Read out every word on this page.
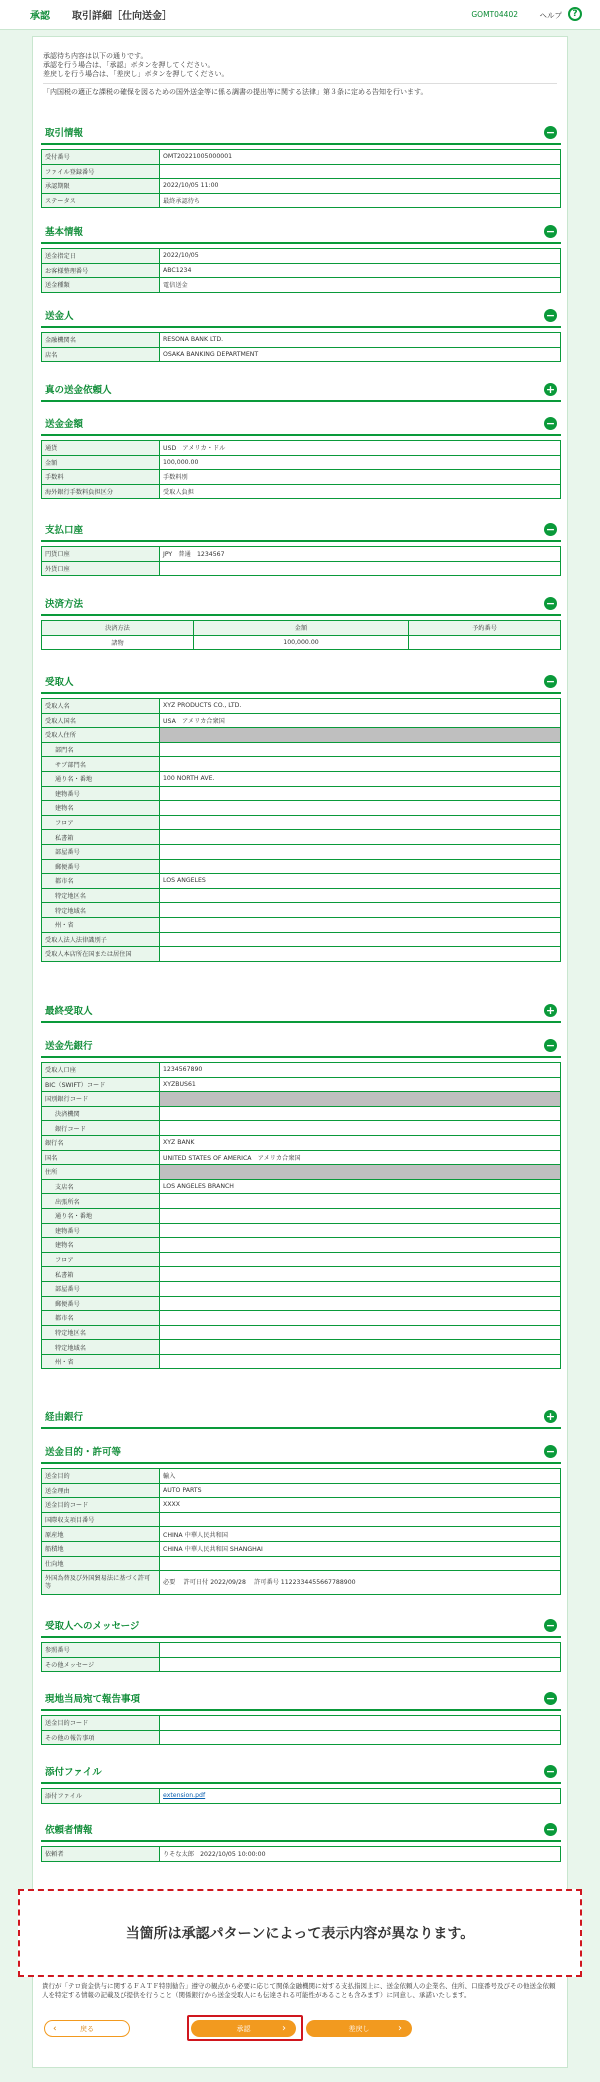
承認 取引詳細［仕向送金］	GOMT04402	ヘルプ	?

承認待ち内容は以下の通りです。

承認を行う場合は、「承認」ボタンを押してください。

差戻しを行う場合は、「差戻し」ボタンを押してください。

「内国税の適正な課税の確保を図るための国外送金等に係る調書の提出等に関する法律」第３条に定める告知を行います。

取引情報	−
受付番号	OMT20221005000001
ファイル登録番号	
承認期限	2022/10/05 11:00
ステータス	最終承認待ち
基本情報	−
送金指定日	2022/10/05
お客様整理番号	ABC1234
送金種類	電信送金
送金人	−
金融機関名	RESONA BANK LTD.
店名	OSAKA BANKING DEPARTMENT
真の送金依頼人	+
送金金額	−
通貨	USD　アメリカ・ドル
金額	100,000.00
手数料	手数料別
海外銀行手数料負担区分	受取人負担
支払口座	−
円貨口座	JPY　普通　1234567
外貨口座	
決済方法	−
決済方法	金額	予約番号
諸物	100,000.00	
受取人	−
受取人名	XYZ PRODUCTS CO., LTD.
受取人国名	USA　アメリカ合衆国
受取人住所	
部門名	
サブ部門名	
通り名・番地	100 NORTH AVE.
建物番号	
建物名	
フロア	
私書箱	
部屋番号	
郵便番号	
都市名	LOS ANGELES
特定地区名	
特定地域名	
州・省	
受取人法人法律識別子	
受取人本店所在国または居住国	
最終受取人	+
送金先銀行	−
受取人口座	1234567890
BIC（SWIFT）コード	XYZBUS61
国別銀行コード	
決済機関	
銀行コード	
銀行名	XYZ BANK
国名	UNITED STATES OF AMERICA　アメリカ合衆国
住所	
支店名	LOS ANGELES BRANCH
出張所名	
通り名・番地	
建物番号	
建物名	
フロア	
私書箱	
部屋番号	
郵便番号	
都市名	
特定地区名	
特定地域名	
州・省	
経由銀行	+
送金目的・許可等	−
送金目的	輸入
送金理由	AUTO PARTS
送金目的コード	XXXX
国際収支項目番号	
原産地	CHINA 中華人民共和国
船積地	CHINA 中華人民共和国 SHANGHAI
仕向地	
外国為替及び外国貿易法に基づく許可等	必要　 許可日付 2022/09/28 　許可番号 1122334455667788900
受取人へのメッセージ	−
参照番号	
その他メッセージ	
現地当局宛て報告事項	−
送金目的コード	
その他の報告事項	
添付ファイル	−
添付ファイル	extension.pdf
依頼者情報	−
依頼者	りそな太郎　2022/10/05 10:00:00
当箇所は承認パターンによって表示内容が異なります。
貴行が「テロ資金供与に関するＦＡＴＦ特別勧告」遵守の観点から必要に応じて関係金融機関に対する支払指図上に、送金依頼人の企業名、住所、口座番号及びその他送金依頼人を特定する情報の記載及び提供を行うこと（関係銀行から送金受取人にも伝達される可能性があることも含みます）に同意し、承諾いたします。
‹	戻る	承認	›	差戻し	›
